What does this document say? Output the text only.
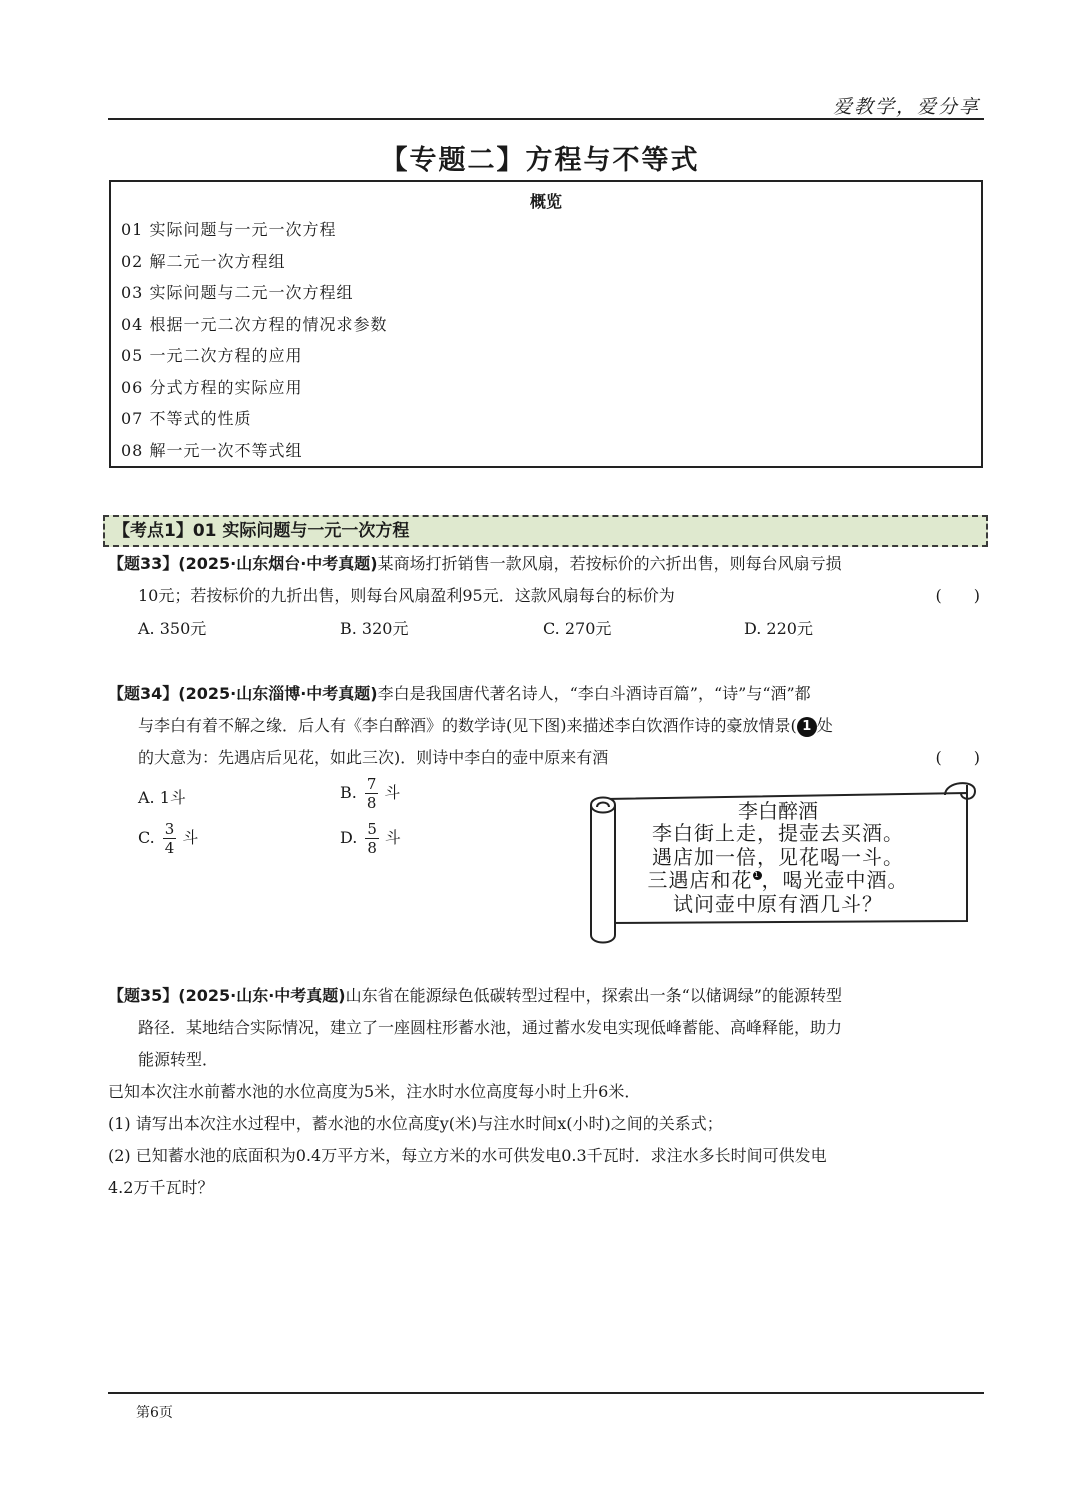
爱教学，爱分享
【专题二】方程与不等式
概览
01 实际问题与一元一次方程
02 解二元一次方程组
03 实际问题与二元一次方程组
04 根据一元二次方程的情况求参数
05 一元二次方程的应用
06 分式方程的实际应用
07 不等式的性质
08 解一元一次不等式组
【考点1】01 实际问题与一元一次方程
【题33】(2025·山东烟台·中考真题)某商场打折销售一款风扇，若按标价的六折出售，则每台风扇亏损
10元；若按标价的九折出售，则每台风扇盈利95元．这款风扇每台的标价为	(　　)
A. 350元	B. 320元	C. 270元	D. 220元
【题34】(2025·山东淄博·中考真题)李白是我国唐代著名诗人，“李白斗酒诗百篇”，“诗”与“酒”都
与李白有着不解之缘．后人有《李白醉酒》的数学诗(见下图)来描述李白饮酒作诗的豪放情景( 1 处
的大意为：先遇店后见花，如此三次)．则诗中李白的壶中原来有酒	(　　)
A. 1斗	B. $\frac{7}{8}$ 斗
C. $\frac{3}{4}$ 斗	D. $\frac{5}{8}$ 斗
李白醉酒
李白街上走，提壶去买酒。
遇店加一倍，见花喝一斗。
三遇店和花 1，喝光壶中酒。
试问壶中原有酒几斗？
【题35】(2025·山东·中考真题)山东省在能源绿色低碳转型过程中，探索出一条“以储调绿”的能源转型
路径．某地结合实际情况，建立了一座圆柱形蓄水池，通过蓄水发电实现低峰蓄能、高峰释能，助力
能源转型．
已知本次注水前蓄水池的水位高度为5米，注水时水位高度每小时上升6米．
(1) 请写出本次注水过程中，蓄水池的水位高度y(米)与注水时间x(小时)之间的关系式；
(2) 已知蓄水池的底面积为0.4万平方米，每立方米的水可供发电0.3千瓦时．求注水多长时间可供发电
4.2万千瓦时？
第6页
